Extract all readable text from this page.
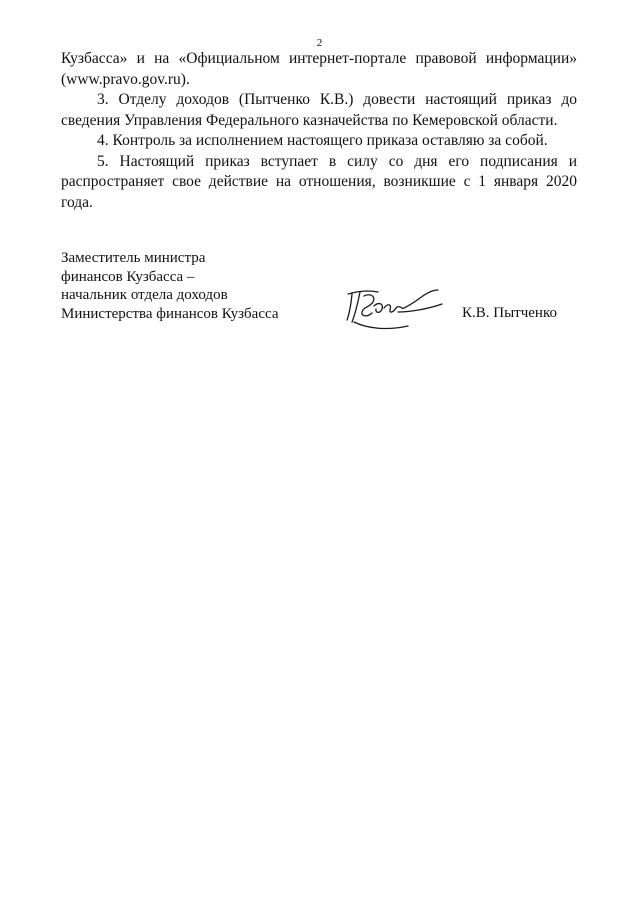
2

Кузбасса» и на «Официальном интернет-портале правовой информации»

(www.pravo.gov.ru).

3. Отделу доходов (Пытченко К.В.) довести настоящий приказ до

сведения Управления Федерального казначейства по Кемеровской области.

4. Контроль за исполнением настоящего приказа оставляю за собой.

5. Настоящий приказ вступает в силу со дня его подписания и

распространяет свое действие на отношения, возникшие с 1 января 2020 года.

Заместитель министра
финансов Кузбасса –
начальник отдела доходов
Министерства финансов Кузбасса	К.В. Пытченко
